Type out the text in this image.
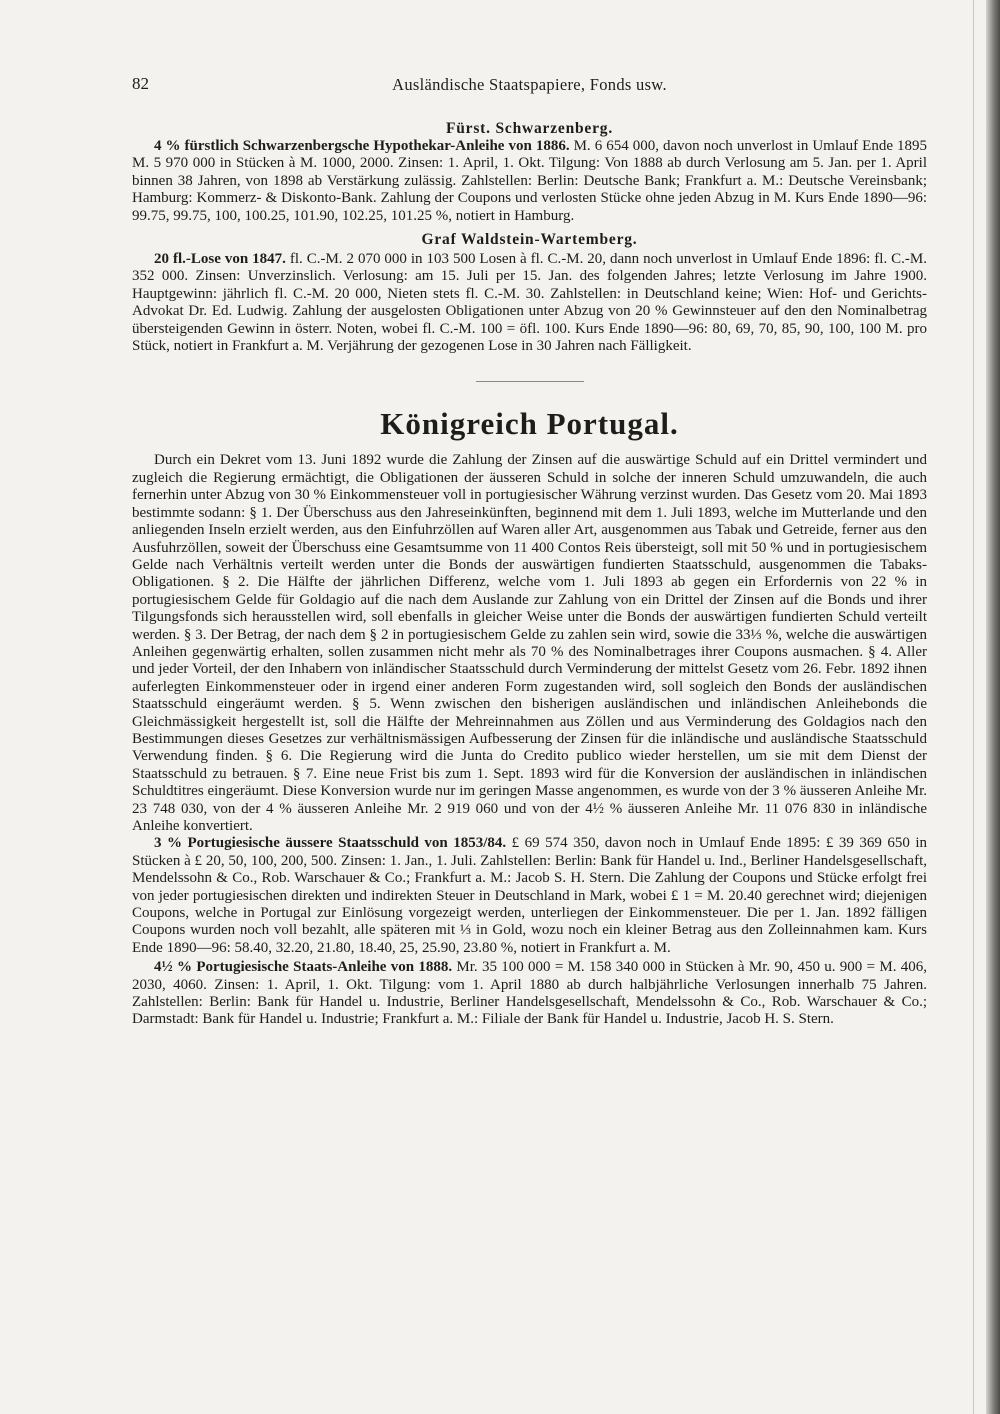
82	Ausländische Staatspapiere, Fonds usw.
Fürst. Schwarzenberg.

4 % fürstlich Schwarzenbergsche Hypothekar-Anleihe von 1886. M. 6 654 000, davon noch unverlost in Umlauf Ende 1895 M. 5 970 000 in Stücken à M. 1000, 2000. Zinsen: 1. April, 1. Okt. Tilgung: Von 1888 ab durch Verlosung am 5. Jan. per 1. April binnen 38 Jahren, von 1898 ab Verstärkung zulässig. Zahlstellen: Berlin: Deutsche Bank; Frankfurt a. M.: Deutsche Vereinsbank; Hamburg: Kommerz- & Diskonto-Bank. Zahlung der Coupons und verlosten Stücke ohne jeden Abzug in M. Kurs Ende 1890—96: 99.75, 99.75, 100, 100.25, 101.90, 102.25, 101.25 %, notiert in Hamburg.

Graf Waldstein-Wartemberg.

20 fl.-Lose von 1847. fl. C.-M. 2 070 000 in 103 500 Losen à fl. C.-M. 20, dann noch unverlost in Umlauf Ende 1896: fl. C.-M. 352 000. Zinsen: Unverzinslich. Verlosung: am 15. Juli per 15. Jan. des folgenden Jahres; letzte Verlosung im Jahre 1900. Hauptgewinn: jährlich fl. C.-M. 20 000, Nieten stets fl. C.-M. 30. Zahlstellen: in Deutschland keine; Wien: Hof- und Gerichts-Advokat Dr. Ed. Ludwig. Zahlung der ausgelosten Obligationen unter Abzug von 20 % Gewinnsteuer auf den den Nominalbetrag übersteigenden Gewinn in österr. Noten, wobei fl. C.-M. 100 = öfl. 100. Kurs Ende 1890—96: 80, 69, 70, 85, 90, 100, 100 M. pro Stück, notiert in Frankfurt a. M. Verjährung der gezogenen Lose in 30 Jahren nach Fälligkeit.

Königreich Portugal.

Durch ein Dekret vom 13. Juni 1892 wurde die Zahlung der Zinsen auf die auswärtige Schuld auf ein Drittel vermindert und zugleich die Regierung ermächtigt, die Obligationen der äusseren Schuld in solche der inneren Schuld umzuwandeln, die auch fernerhin unter Abzug von 30 % Einkommensteuer voll in portugiesischer Währung verzinst wurden. Das Gesetz vom 20. Mai 1893 bestimmte sodann: § 1. Der Überschuss aus den Jahreseinkünften, beginnend mit dem 1. Juli 1893, welche im Mutterlande und den anliegenden Inseln erzielt werden, aus den Einfuhrzöllen auf Waren aller Art, ausgenommen aus Tabak und Getreide, ferner aus den Ausfuhrzöllen, soweit der Überschuss eine Gesamtsumme von 11 400 Contos Reis übersteigt, soll mit 50 % und in portugiesischem Gelde nach Verhältnis verteilt werden unter die Bonds der auswärtigen fundierten Staatsschuld, ausgenommen die Tabaks-Obligationen. § 2. Die Hälfte der jährlichen Differenz, welche vom 1. Juli 1893 ab gegen ein Erfordernis von 22 % in portugiesischem Gelde für Goldagio auf die nach dem Auslande zur Zahlung von ein Drittel der Zinsen auf die Bonds und ihrer Tilgungsfonds sich herausstellen wird, soll ebenfalls in gleicher Weise unter die Bonds der auswärtigen fundierten Schuld verteilt werden. § 3. Der Betrag, der nach dem § 2 in portugiesischem Gelde zu zahlen sein wird, sowie die 33⅓ %, welche die auswärtigen Anleihen gegenwärtig erhalten, sollen zusammen nicht mehr als 70 % des Nominalbetrages ihrer Coupons ausmachen. § 4. Aller und jeder Vorteil, der den Inhabern von inländischer Staatsschuld durch Verminderung der mittelst Gesetz vom 26. Febr. 1892 ihnen auferlegten Einkommensteuer oder in irgend einer anderen Form zugestanden wird, soll sogleich den Bonds der ausländischen Staatsschuld eingeräumt werden. § 5. Wenn zwischen den bisherigen ausländischen und inländischen Anleihebonds die Gleichmässigkeit hergestellt ist, soll die Hälfte der Mehreinnahmen aus Zöllen und aus Verminderung des Goldagios nach den Bestimmungen dieses Gesetzes zur verhältnismässigen Aufbesserung der Zinsen für die inländische und ausländische Staatsschuld Verwendung finden. § 6. Die Regierung wird die Junta do Credito publico wieder herstellen, um sie mit dem Dienst der Staatsschuld zu betrauen. § 7. Eine neue Frist bis zum 1. Sept. 1893 wird für die Konversion der ausländischen in inländischen Schuldtitres eingeräumt. Diese Konversion wurde nur im geringen Masse angenommen, es wurde von der 3 % äusseren Anleihe Mr. 23 748 030, von der 4 % äusseren Anleihe Mr. 2 919 060 und von der 4½ % äusseren Anleihe Mr. 11 076 830 in inländische Anleihe konvertiert.

3 % Portugiesische äussere Staatsschuld von 1853/84. £ 69 574 350, davon noch in Umlauf Ende 1895: £ 39 369 650 in Stücken à £ 20, 50, 100, 200, 500. Zinsen: 1. Jan., 1. Juli. Zahlstellen: Berlin: Bank für Handel u. Ind., Berliner Handelsgesellschaft, Mendelssohn & Co., Rob. Warschauer & Co.; Frankfurt a. M.: Jacob S. H. Stern. Die Zahlung der Coupons und Stücke erfolgt frei von jeder portugiesischen direkten und indirekten Steuer in Deutschland in Mark, wobei £ 1 = M. 20.40 gerechnet wird; diejenigen Coupons, welche in Portugal zur Einlösung vorgezeigt werden, unterliegen der Einkommensteuer. Die per 1. Jan. 1892 fälligen Coupons wurden noch voll bezahlt, alle späteren mit ⅓ in Gold, wozu noch ein kleiner Betrag aus den Zolleinnahmen kam. Kurs Ende 1890—96: 58.40, 32.20, 21.80, 18.40, 25, 25.90, 23.80 %, notiert in Frankfurt a. M.

4½ % Portugiesische Staats-Anleihe von 1888. Mr. 35 100 000 = M. 158 340 000 in Stücken à Mr. 90, 450 u. 900 = M. 406, 2030, 4060. Zinsen: 1. April, 1. Okt. Tilgung: vom 1. April 1880 ab durch halbjährliche Verlosungen innerhalb 75 Jahren. Zahlstellen: Berlin: Bank für Handel u. Industrie, Berliner Handelsgesellschaft, Mendelssohn & Co., Rob. Warschauer & Co.; Darmstadt: Bank für Handel u. Industrie; Frankfurt a. M.: Filiale der Bank für Handel u. Industrie, Jacob H. S. Stern.
